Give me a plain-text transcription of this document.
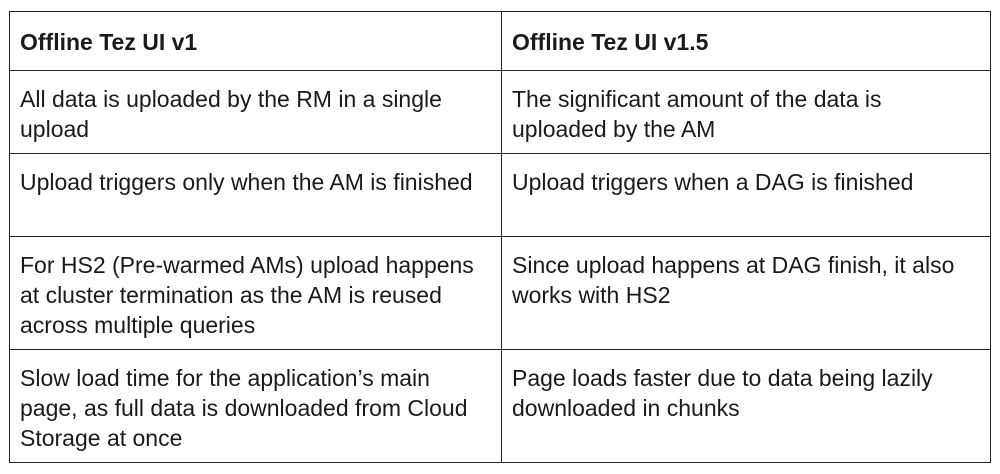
Offline Tez UI v1	Offline Tez UI v1.5
All data is uploaded by the RM in a single upload	The significant amount of the data is uploaded by the AM
Upload triggers only when the AM is finished	Upload triggers when a DAG is finished
For HS2 (Pre-warmed AMs) upload happens at cluster termination as the AM is reused across multiple queries	Since upload happens at DAG finish, it also works with HS2
Slow load time for the application’s main page, as full data is downloaded from Cloud Storage at once	Page loads faster due to data being lazily downloaded in chunks
